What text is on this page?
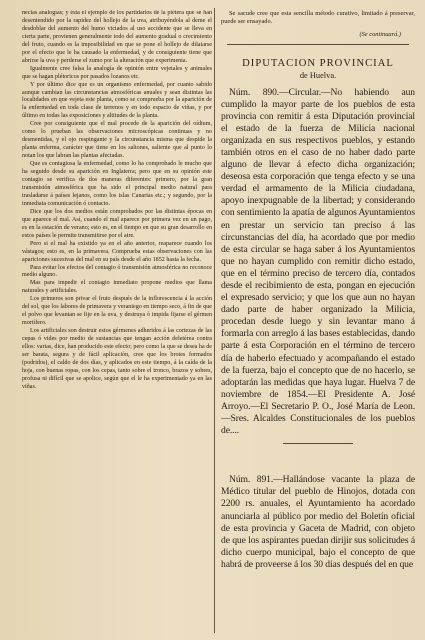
necias analogías; y ésta el ejemplo de los partidarios de la piétera que se han desentendido por la rapidez del hollejo de la uva, atribuyéndola al deme el desdoblar del aumento del humo viciados al uso accidente que se lleva en cierta parte, provienen generalmente todo del aumento gradual o crecimiento del fruto, cuando es la imposibilidad en que se pone el hollejo de dilatarse por el efecto que le ha causado la enfermedad, y de consiguiente tiene que abrirse la uva y perderse el zumo por la alteración que experimenta.

Igualmente cree falsa la analogía de opinión entre vejetales y animales que se hagan plétoricos por pasados lozanos etc.

Y por último dice que es un organismo enfermedad, por cuanto sabido aunque cambian las circunstancias atmosféricas anuales y sean distintas las localidades en que vejeta este planta, como se comprueba por la aparición de la enfermedad en toda clase de terrenos y en todo espacio de viñas, y por último en todas las exposiciones y altitudes de la planta.

Cree por consiguiente que el mal procede de la aparición del oídium, como lo prueban las observaciones microscópicas continuas y no desmentidas, y el ojo respingante y la circunstancia misma que despide la planta enferma, carácter que tiene en los saltones, saliente que al punto lo notan los que labran las plantas afectadas.

Que es contagiosa la enfermedad, como lo ha comprobado le mucho que ha seguido desde su aparición en Inglaterra; pero que en su opinión este contagio se verifica de dos maneras diferentes: primero, por la gran transmisión atmosférica que ha sido el principal medio natural para trasladarse á países lejanos, como los islas Canarias etc.; y segundo, por la inmediata comunicación ó contacto.

Dice que los dos medios están comprobados por las distintas épocas en que aparece el mal. Así, cuando el mal aparece por primera vez en un pago, es en la estación de verano; esto es, en el tiempo en que su gran desarrollo en estos países le permite transmitirse por el aire.

Pero si el mal ha existido ya en el año anterior, reaparece cuando los vástagos; esto es, en la primavera. Comprueba estas observaciones con las apariciones sucesivas del mal en su país desde el año 1852 hasta la fecha.

Para evitar los efectos del contagio ó transmisión atmosférica no reconoce medio alguno.

Mas para impedir el contagio inmediato propone medios que llama naturales y artificiales.

Los primeros son privar el fruto después de la inflorescencia á la acción del sol, que los labores de primavera y veraniego en tiempo seco, á fin de que el polvo que levantan se fije en la uva, y destruya ó impida fijarse el gérmen mortífero.

Los artificiales son destruir estos gérmenes adheridos á las cortezas de las cepas ó vides por medio de sustancias que tengan acción deletérea contra ellos: varias, dice, han producido este efecto; pero como la que se desea ha de ser barata, segura y de fácil aplicación, cree que los brotes formados (podridos), el caldo de dos días, y aplicados en este tiempo, á la caída de la hoja, con buenas ropas, con los cepas, tanto sobre el tronco, brazos y sobres, profusa ni difícil que se apolice, según que el le ha experimentado ya en las viñas.

Se sacude cree que esta sencilla método curativo, limitado á preservar, puede ser ensayado.

(Se continuará.)
DIPUTACION PROVINCIAL
de Huelva.

Núm. 890.—Circular.—No habiendo aun cumplido la mayor parte de los pueblos de esta provincia con remitir á esta Diputación provincial el estado de la fuerza de Milicia nacional organizada en sus respectivos pueblos, y estando también otros en el caso de no haber dado parte alguno de llevar á efecto dicha organización; deseosa esta corporación que tenga efecto y se una verdad el armamento de la Milicia ciudadana, apoyo inexpugnable de la libertad; y considerando con sentimiento la apatía de algunos Ayuntamientos en prestar un servicio tan preciso á las circunstancias del día, ha acordado que por medio de esta circular se haga saber á los Ayuntamientos que no hayan cumplido con remitir dicho estado, que en el término preciso de tercero día, contados desde el recibimiento de esta, pongan en ejecución el expresado servicio; y que los que aun no hayan dado parte de haber organizado la Milicia, procedan desde luego y sin levantar mano á formarla con arreglo á las bases establecidas, dando parte á esta Corporación en el término de tercero día de haberlo efectuado y acompañando el estado de la fuerza, bajo el concepto que de no hacerlo, se adoptarán las medidas que haya lugar. Huelva 7 de noviembre de 1854.—El Presidente A. José Arroyo.—El Secretario P. O., José María de Leon.—Sres. Alcaldes Constitucionales de los pueblos de....

Núm. 891.—Hallándose vacante la plaza de Médico titular del pueblo de Hinojos, dotada con 2200 rs. anuales, el Ayuntamiento ha acordado anunciarla al público por medio del Boletín oficial de esta provincia y Gaceta de Madrid, con objeto de que los aspirantes puedan dirijir sus solicitudes á dicho cuerpo municipal, bajo el concepto de que habrá de proveerse á los 30 días después del en que
